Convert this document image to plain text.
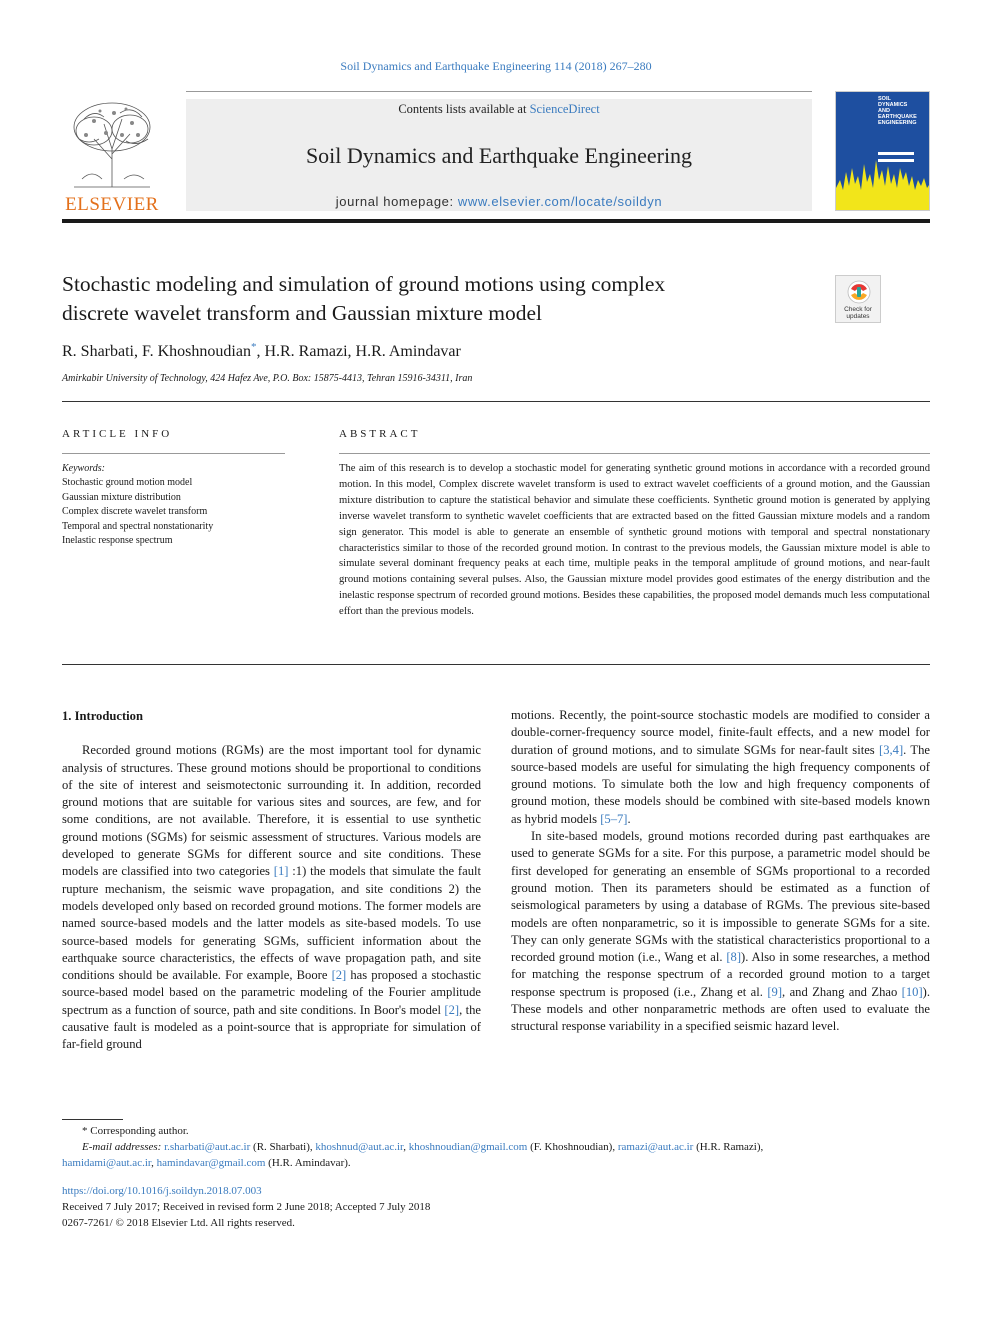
Soil Dynamics and Earthquake Engineering 114 (2018) 267–280
ELSEVIER
Contents lists available at ScienceDirect
Soil Dynamics and Earthquake Engineering
journal homepage: www.elsevier.com/locate/soildyn
SOIL
DYNAMICS
AND
EARTHQUAKE
ENGINEERING
Stochastic modeling and simulation of ground motions using complex
discrete wavelet transform and Gaussian mixture model	Check for
updates
R. Sharbati, F. Khoshnoudian*, H.R. Ramazi, H.R. Amindavar
Amirkabir University of Technology, 424 Hafez Ave, P.O. Box: 15875-4413, Tehran 15916-34311, Iran
ARTICLE INFO	ABSTRACT
Keywords:
Stochastic ground motion model
Gaussian mixture distribution
Complex discrete wavelet transform
Temporal and spectral nonstationarity
Inelastic response spectrum
The aim of this research is to develop a stochastic model for generating synthetic ground motions in accordance with a recorded ground motion. In this model, Complex discrete wavelet transform is used to extract wavelet coefficients of a ground motion, and the Gaussian mixture distribution to capture the statistical behavior and simulate these coefficients. Synthetic ground motion is generated by applying inverse wavelet transform to synthetic wavelet coefficients that are extracted based on the fitted Gaussian mixture models and a random sign generator. This model is able to generate an ensemble of synthetic ground motions with temporal and spectral nonstationary characteristics similar to those of the recorded ground motion. In contrast to the previous models, the Gaussian mixture model is able to simulate several dominant frequency peaks at each time, multiple peaks in the temporal amplitude of ground motions, and near-fault ground motions containing several pulses. Also, the Gaussian mixture model provides good estimates of the energy distribution and the inelastic response spectrum of recorded ground motions. Besides these capabilities, the proposed model demands much less computational effort than the previous models.
1. Introduction

Recorded ground motions (RGMs) are the most important tool for dynamic analysis of structures. These ground motions should be proportional to conditions of the site of interest and seismotectonic surrounding it. In addition, recorded ground motions that are suitable for various sites and sources, are few, and for some conditions, are not available. Therefore, it is essential to use synthetic ground motions (SGMs) for seismic assessment of structures. Various models are developed to generate SGMs for different source and site conditions. These models are classified into two categories [1] :1) the models that simulate the fault rupture mechanism, the seismic wave propagation, and site conditions 2) the models developed only based on recorded ground motions. The former models are named source-based models and the latter models as site-based models. To use source-based models for generating SGMs, sufficient information about the earthquake source characteristics, the effects of wave propagation path, and site conditions should be available. For example, Boore [2] has proposed a stochastic source-based model based on the parametric modeling of the Fourier amplitude spectrum as a function of source, path and site conditions. In Boor's model [2], the causative fault is modeled as a point-source that is appropriate for simulation of far-field ground

motions. Recently, the point-source stochastic models are modified to consider a double-corner-frequency source model, finite-fault effects, and a new model for duration of ground motions, and to simulate SGMs for near-fault sites [3,4]. The source-based models are useful for simulating the high frequency components of ground motions. To simulate both the low and high frequency components of ground motion, these models should be combined with site-based models known as hybrid models [5–7].

In site-based models, ground motions recorded during past earthquakes are used to generate SGMs for a site. For this purpose, a parametric model should be first developed for generating an ensemble of SGMs proportional to a recorded ground motion. Then its parameters should be estimated as a function of seismological parameters by using a database of RGMs. The previous site-based models are often nonparametric, so it is impossible to generate SGMs for a site. They can only generate SGMs with the statistical characteristics proportional to a recorded ground motion (i.e., Wang et al. [8]). Also in some researches, a method for matching the response spectrum of a recorded ground motion to a target response spectrum is proposed (i.e., Zhang et al. [9], and Zhang and Zhao [10]). These models and other nonparametric methods are often used to evaluate the structural response variability in a specified seismic hazard level.

* Corresponding author.
E-mail addresses: r.sharbati@aut.ac.ir (R. Sharbati), khoshnud@aut.ac.ir, khoshnoudian@gmail.com (F. Khoshnoudian), ramazi@aut.ac.ir (H.R. Ramazi),
hamidami@aut.ac.ir, hamindavar@gmail.com (H.R. Amindavar).
https://doi.org/10.1016/j.soildyn.2018.07.003
Received 7 July 2017; Received in revised form 2 June 2018; Accepted 7 July 2018
0267-7261/ © 2018 Elsevier Ltd. All rights reserved.
